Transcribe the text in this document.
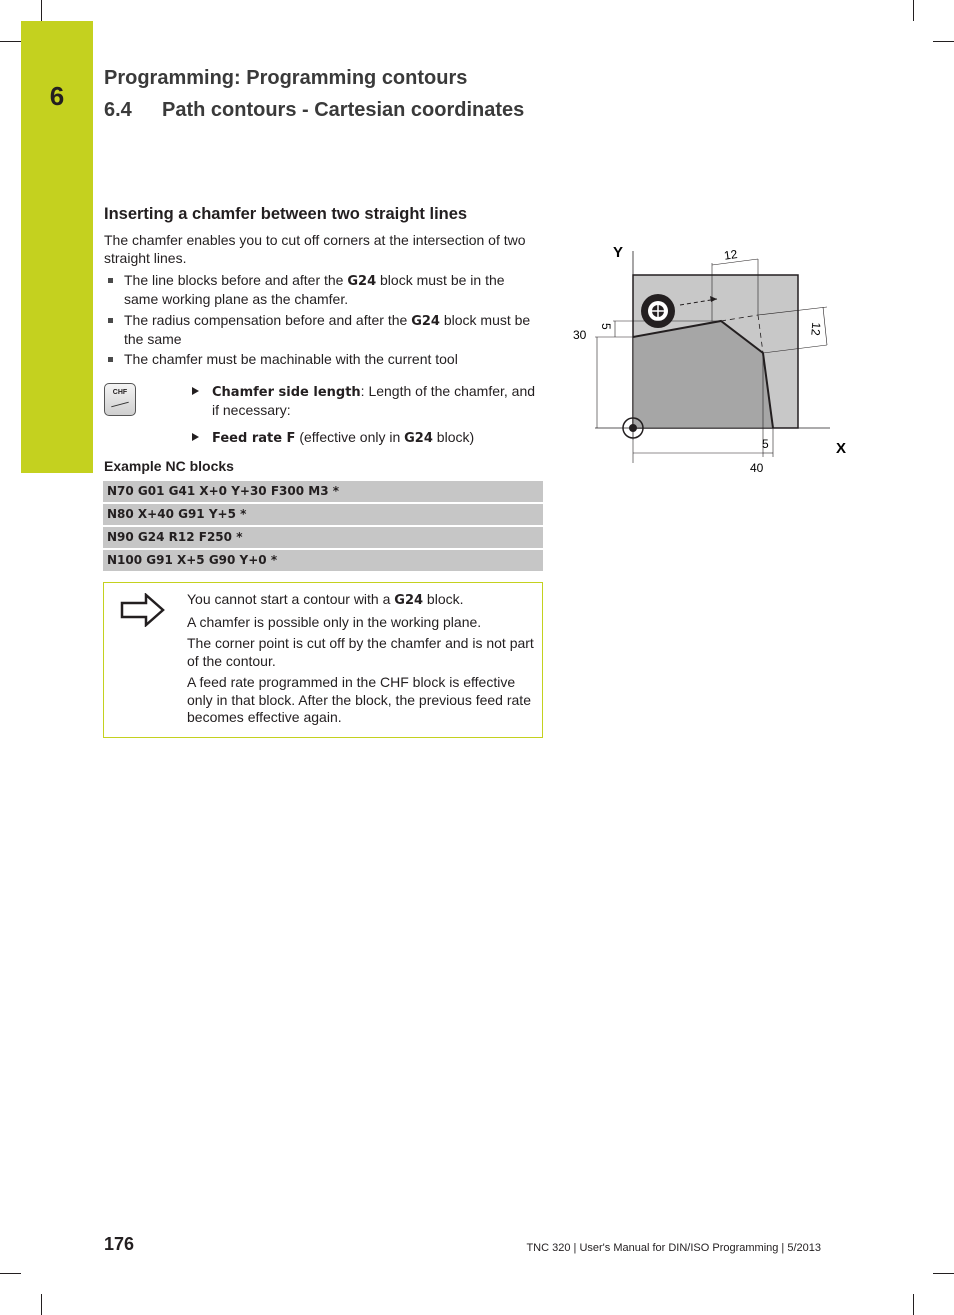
6
Programming: Programming contours
6.4 Path contours - Cartesian coordinates
Inserting a chamfer between two straight lines
The chamfer enables you to cut off corners at the intersection of two straight lines.
The line blocks before and after the G24 block must be in the same working plane as the chamfer.
The radius compensation before and after the G24 block must be the same
The chamfer must be machinable with the current tool
CHF	Chamfer side length: Length of the chamfer, and if necessary:
Feed rate F (effective only in G24 block)
Example NC blocks
N70 G01 G41 X+0 Y+30 F300 M3 *
N80 X+40 G91 Y+5 *
N90 G24 R12 F250 *
N100 G91 X+5 G90 Y+0 *

You cannot start a contour with a G24 block.

A chamfer is possible only in the working plane.

The corner point is cut off by the chamfer and is not part of the contour.

A feed rate programmed in the CHF block is effective only in that block. After the block, the previous feed rate becomes effective again.

Y
X
12
12
5
30
5
40
176	TNC 320 | User's Manual for DIN/ISO Programming | 5/2013
